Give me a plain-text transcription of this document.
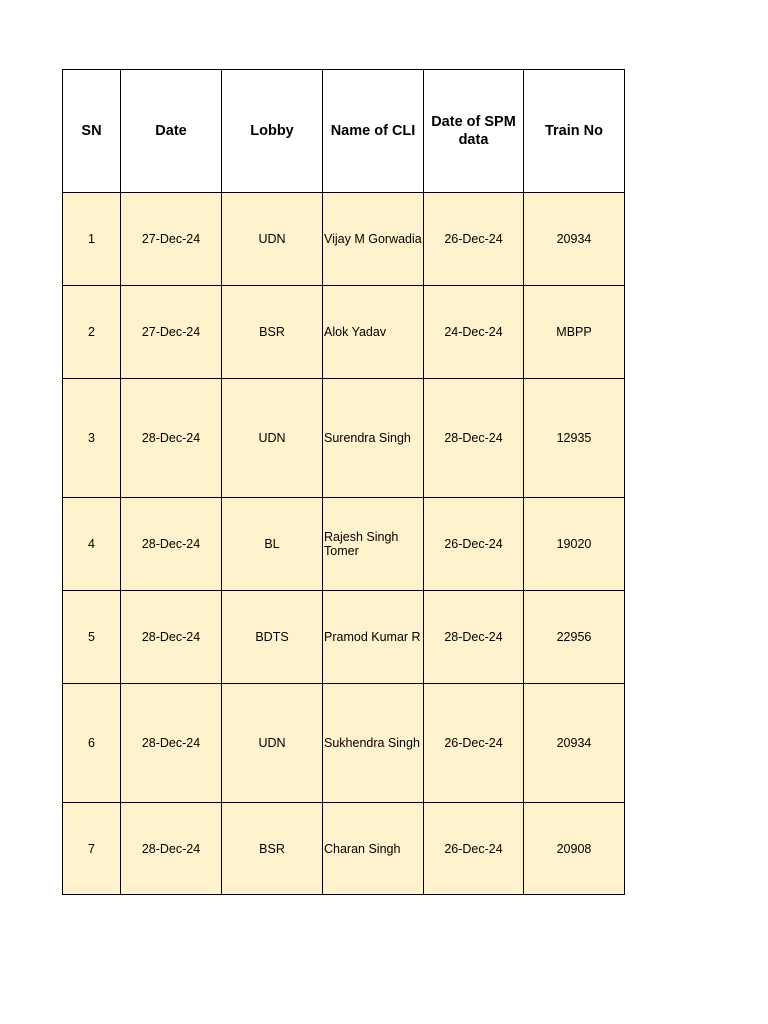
SN	Date	Lobby	Name of CLI	Date of SPM data	Train No
1	27-Dec-24	UDN	Vijay M Gorwadia	26-Dec-24	20934
2	27-Dec-24	BSR	Alok Yadav	24-Dec-24	MBPP
3	28-Dec-24	UDN	Surendra Singh	28-Dec-24	12935
4	28-Dec-24	BL	Rajesh Singh Tomer	26-Dec-24	19020
5	28-Dec-24	BDTS	Pramod Kumar R	28-Dec-24	22956
6	28-Dec-24	UDN	Sukhendra Singh	26-Dec-24	20934
7	28-Dec-24	BSR	Charan Singh	26-Dec-24	20908
